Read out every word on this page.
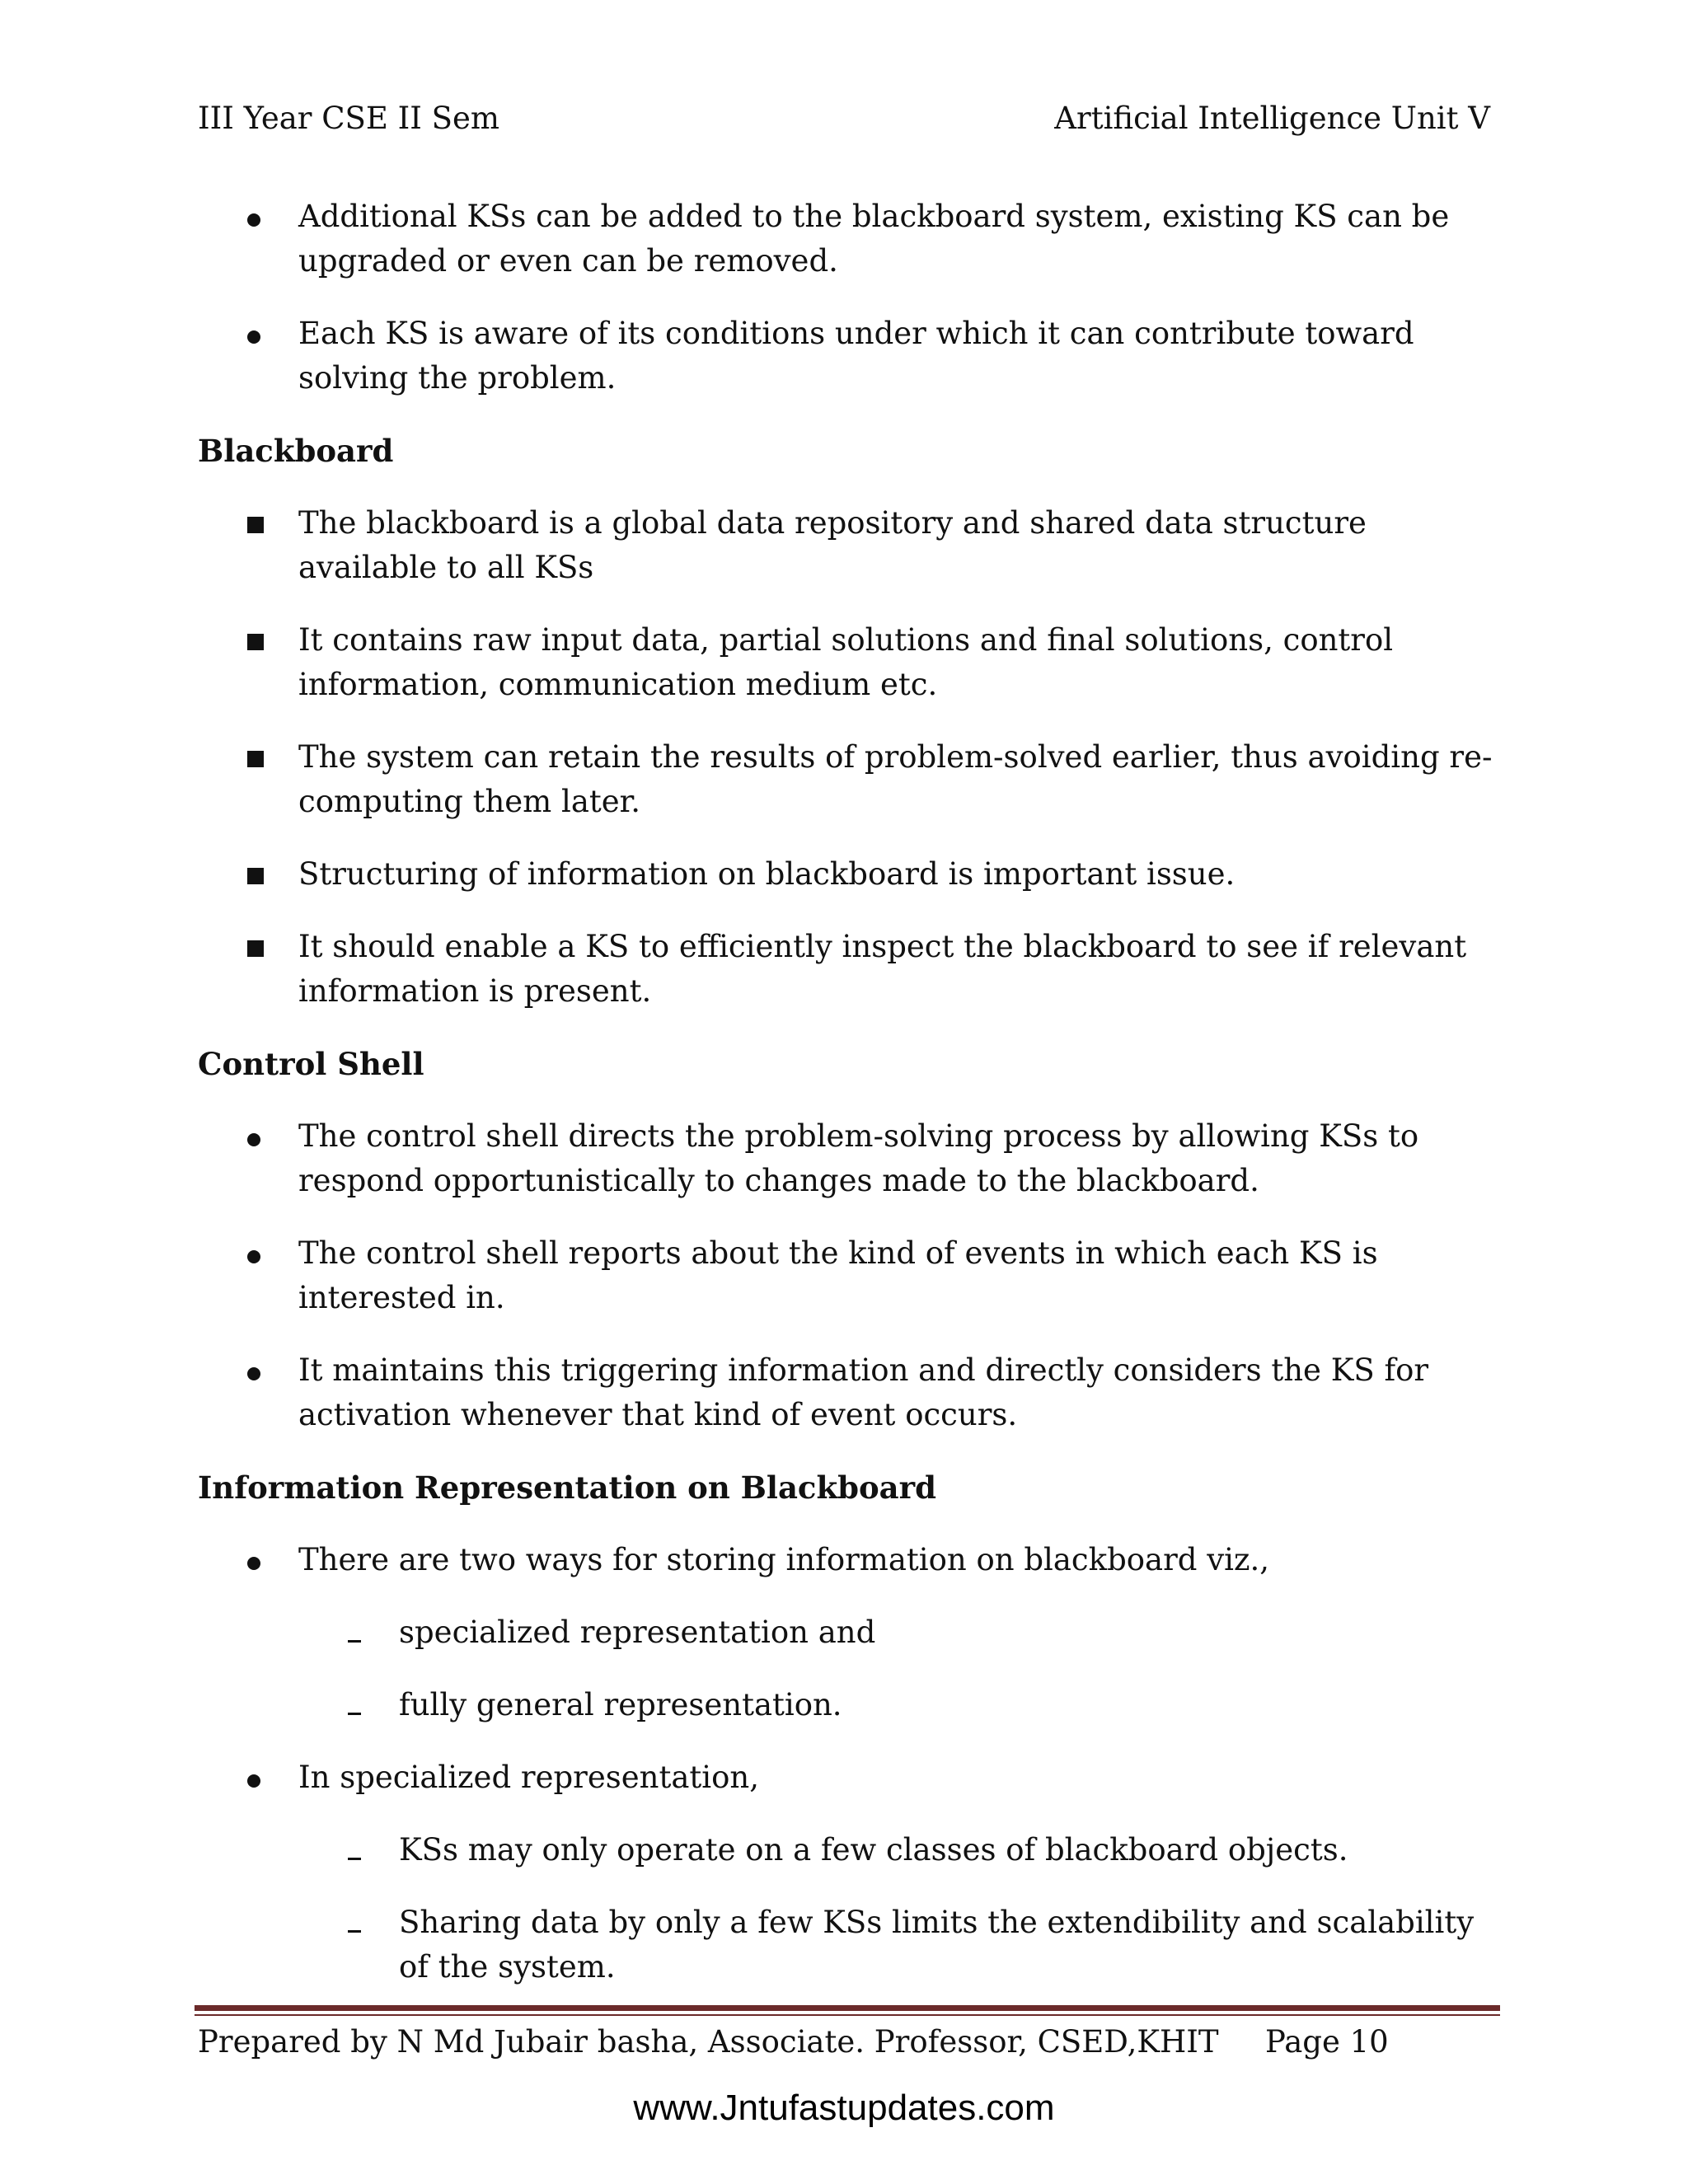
III Year CSE II Sem	Artificial Intelligence Unit V
Additional KSs can be added to the blackboard system, existing KS can be upgraded or even can be removed.
Each KS is aware of its conditions under which it can contribute toward solving the problem.
Blackboard
The blackboard is a global data repository and shared data structure available to all KSs
It contains raw input data, partial solutions and final solutions, control information, communication medium etc.
The system can retain the results of problem-solved earlier, thus avoiding re-computing them later.
Structuring of information on blackboard is important issue.
It should enable a KS to efficiently inspect the blackboard to see if relevant information is present.
Control Shell
The control shell directs the problem-solving process by allowing KSs to respond opportunistically to changes made to the blackboard.
The control shell reports about the kind of events in which each KS is interested in.
It maintains this triggering information and directly considers the KS for activation whenever that kind of event occurs.
Information Representation on Blackboard
There are two ways for storing information on blackboard viz.,
specialized representation and
fully general representation.
In specialized representation,
KSs may only operate on a few classes of blackboard objects.
Sharing data by only a few KSs limits the extendibility and scalability of the system.
Prepared by N Md Jubair basha, Associate. Professor, CSED,KHIT Page 10
www.Jntufastupdates.com
